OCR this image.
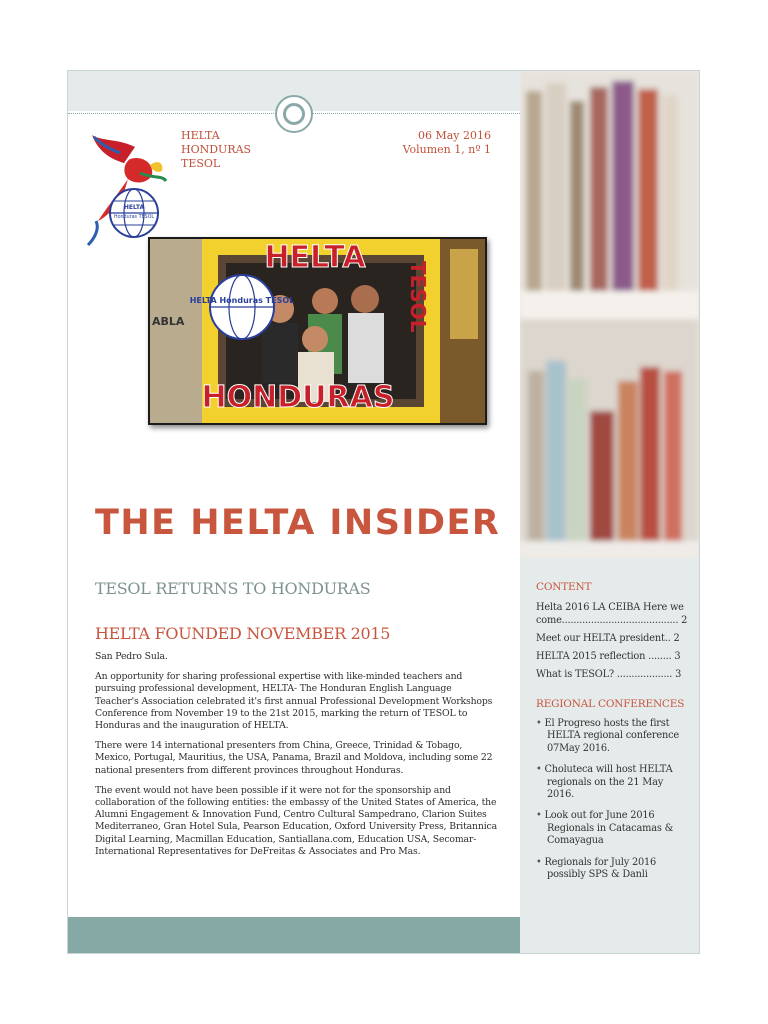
HELTA
Honduras TESOL
HELTA
HONDURAS
TESOL
06 May 2016
Volumen 1, nº 1
ABLA
HELTA
HONDURAS
TESOL
HELTA Honduras TESOL
THE HELTA INSIDER
TESOL RETURNS TO HONDURAS
HELTA FOUNDED NOVEMBER 2015

San Pedro Sula.

An opportunity for sharing professional expertise with like-minded teachers and pursuing professional development, HELTA- The Honduran English Language Teacher's Association celebrated it's first annual Professional Development Workshops Conference from November 19 to the 21st 2015, marking the return of TESOL to Honduras and the inauguration of HELTA.

There were 14 international presenters from China, Greece, Trinidad & Tobago, Mexico, Portugal, Mauritius, the USA, Panama, Brazil and Moldova, including some 22 national presenters from different provinces throughout Honduras.

The event would not have been possible if it were not for the sponsorship and collaboration of the following entities: the embassy of the United States of America, the Alumni Engagement & Innovation Fund, Centro Cultural Sampedrano, Clarion Suites Mediterraneo, Gran Hotel Sula, Pearson Education, Oxford University Press, Britannica Digital Learning, Macmillan Education, Santiallana.com, Education USA, Secomar- International Representatives for DeFreitas & Associates and Pro Mas.

CONTENT
Helta 2016 LA CEIBA Here we come........................................ 2
Meet our HELTA president.. 2
HELTA 2015 reflection ........ 3
What is TESOL? ................... 3
REGIONAL CONFERENCES
• El Progreso hosts the first HELTA regional conference 07May 2016.
• Choluteca will host HELTA regionals on the 21 May 2016.
• Look out for June 2016 Regionals in Catacamas & Comayagua
• Regionals for July 2016 possibly SPS & Danli
